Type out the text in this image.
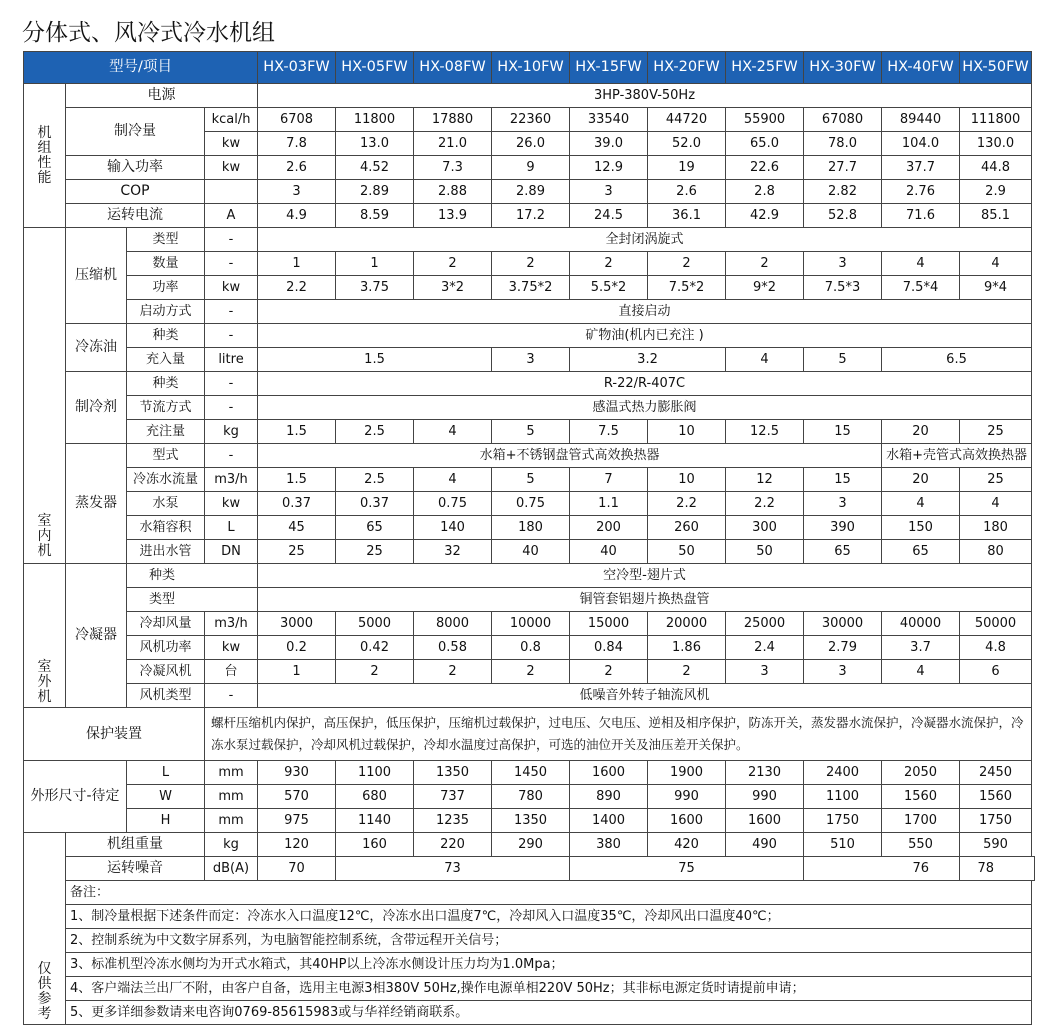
分体式、风冷式冷水机组
型号/项目				HX-03FW	HX-05FW	HX-08FW	HX-10FW	HX-15FW	HX-20FW	HX-25FW	HX-30FW	HX-40FW	HX-50FW

机
组
性
能	电源			3HP-380V-50Hz									
	制冷量		kcal/h	6708	11800	17880	22360	33540	44720	55900	67080	89440	111800
			kw	7.8	13.0	21.0	26.0	39.0	52.0	65.0	78.0	104.0	130.0
	输入功率		kw	2.6	4.52	7.3	9	12.9	19	22.6	27.7	37.7	44.8
	COP			3	2.89	2.88	2.89	3	2.6	2.8	2.82	2.76	2.9
	运转电流		A	4.9	8.59	13.9	17.2	24.5	36.1	42.9	52.8	71.6	85.1

室
内
机	压缩机	类型	-	全封闭涡旋式									
		数量	-	1	1	2	2	2	2	2	3	4	4
		功率	kw	2.2	3.75	3*2	3.75*2	5.5*2	7.5*2	9*2	7.5*3	7.5*4	9*4
		启动方式	-	直接启动									
	冷冻油	种类	-	矿物油(机内已充注 )									
		充入量	litre	1.5			3	3.2		4	5	6.5	
	制冷剂	种类	-	R-22/R-407C									
		节流方式	-	感温式热力膨胀阀									
		充注量	kg	1.5	2.5	4	5	7.5	10	12.5	15	20	25
	蒸发器	型式	-	水箱+不锈钢盘管式高效换热器								水箱+壳管式高效换热器	
		冷冻水流量	m3/h	1.5	2.5	4	5	7	10	12	15	20	25
		水泵	kw	0.37	0.37	0.75	0.75	1.1	2.2	2.2	3	4	4
		水箱容积	L	45	65	140	180	200	260	300	390	150	180
		进出水管	DN	25	25	32	40	40	50	50	65	65	80

室
外
机	冷凝器	种类		空冷型-翅片式									
		类型		铜管套铝翅片换热盘管									
		冷却风量	m3/h	3000	5000	8000	10000	15000	20000	25000	30000	40000	50000
		风机功率	kw	0.2	0.42	0.58	0.8	0.84	1.86	2.4	2.79	3.7	4.8
		冷凝风机	台	1	2	2	2	2	2	3	3	4	6
		风机类型	-	低噪音外转子轴流风机									
保护装置			螺杆压缩机内保护，高压保护，低压保护，压缩机过载保护，过电压、欠电压、逆相及相序保护，防冻开关，蒸发器水流保护，冷凝器水流保护，冷冻水泵过载保护，冷却风机过载保护，冷却水温度过高保护，可选的油位开关及油压差开关保护。										
外形尺寸-待定		L	mm	930	1100	1350	1450	1600	1900	2130	2400	2050	2450
		W	mm	570	680	737	780	890	990	990	1100	1560	1560
		H	mm	975	1140	1235	1350	1400	1600	1600	1750	1700	1750

仅
供
参
考	机组重量		kg	120	160	220	290	380	420	490	510	550	590
	运转噪音		dB(A)	70	73			75			76		78
	备注：												
	1、制冷量根据下述条件而定：冷冻水入口温度12℃，冷冻水出口温度7℃，冷却风入口温度35℃，冷却风出口温度40℃；												
	2、控制系统为中文数字屏系列，为电脑智能控制系统，含带远程开关信号；												
	3、标准机型冷冻水侧均为开式水箱式，其40HP以上冷冻水侧设计压力均为1.0Mpa；												
	4、客户端法兰出厂不附，由客户自备，选用主电源3相380V 50Hz,操作电源单相220V 50Hz；其非标电源定货时请提前申请；												
	5、更多详细参数请来电咨询0769-85615983或与华祥经销商联系。												
